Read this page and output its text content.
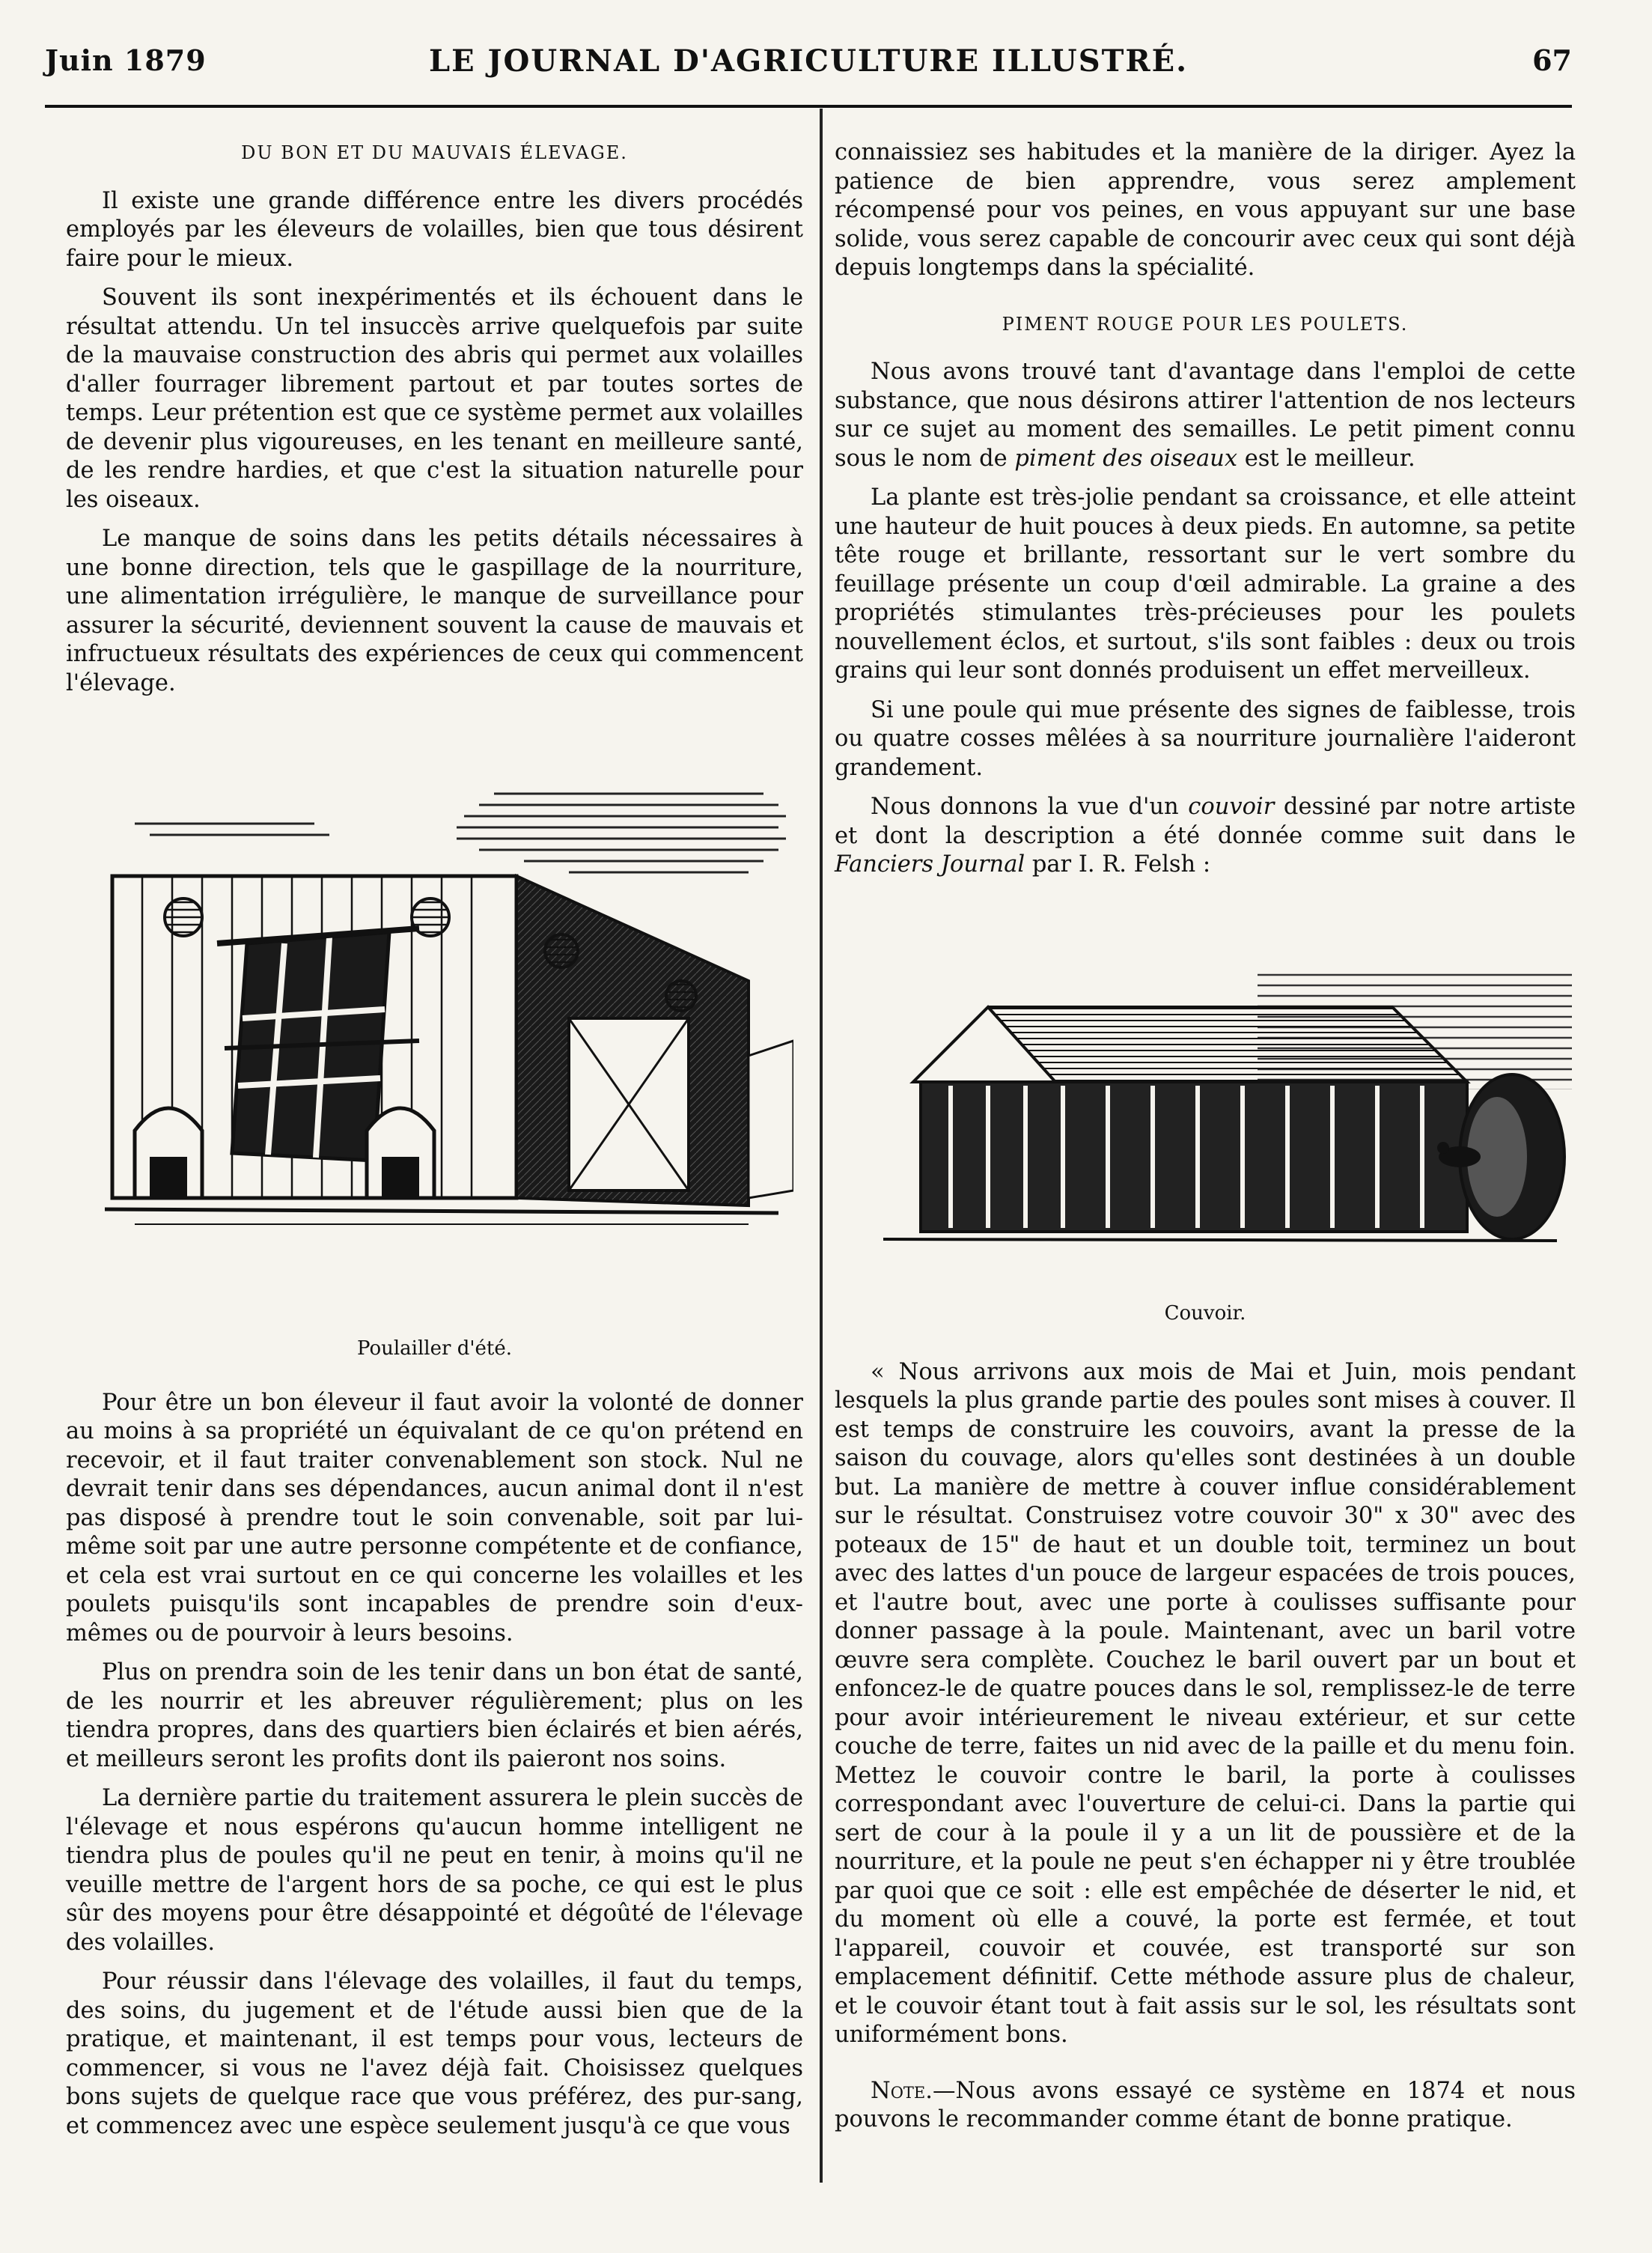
Juin 1879	LE JOURNAL D'AGRICULTURE ILLUSTRÉ.	67

DU BON ET DU MAUVAIS ÉLEVAGE.

Il existe une grande différence entre les divers procédés employés par les éleveurs de volailles, bien que tous désirent faire pour le mieux.

Souvent ils sont inexpérimentés et ils échouent dans le résultat attendu. Un tel insuccès arrive quelquefois par suite de la mauvaise construction des abris qui permet aux volailles d'aller fourrager librement partout et par toutes sortes de temps. Leur prétention est que ce système permet aux volailles de devenir plus vigoureuses, en les tenant en meilleure santé, de les rendre hardies, et que c'est la situation naturelle pour les oiseaux.

Le manque de soins dans les petits détails nécessaires à une bonne direction, tels que le gaspillage de la nourriture, une alimentation irrégulière, le manque de surveillance pour assurer la sécurité, deviennent souvent la cause de mauvais et infructueux résultats des expériences de ceux qui commencent l'élevage.

Poulailler d'été.

Pour être un bon éleveur il faut avoir la volonté de donner au moins à sa propriété un équivalant de ce qu'on prétend en recevoir, et il faut traiter convenablement son stock. Nul ne devrait tenir dans ses dépendances, aucun animal dont il n'est pas disposé à prendre tout le soin convenable, soit par lui-même soit par une autre personne compétente et de confiance, et cela est vrai surtout en ce qui concerne les volailles et les poulets puisqu'ils sont incapables de prendre soin d'eux-mêmes ou de pourvoir à leurs besoins.

Plus on prendra soin de les tenir dans un bon état de santé, de les nourrir et les abreuver régulièrement; plus on les tiendra propres, dans des quartiers bien éclairés et bien aérés, et meilleurs seront les profits dont ils paieront nos soins.

La dernière partie du traitement assurera le plein succès de l'élevage et nous espérons qu'aucun homme intelligent ne tiendra plus de poules qu'il ne peut en tenir, à moins qu'il ne veuille mettre de l'argent hors de sa poche, ce qui est le plus sûr des moyens pour être désappointé et dégoûté de l'élevage des volailles.

Pour réussir dans l'élevage des volailles, il faut du temps, des soins, du jugement et de l'étude aussi bien que de la pratique, et maintenant, il est temps pour vous, lecteurs de commencer, si vous ne l'avez déjà fait. Choisissez quelques bons sujets de quelque race que vous préférez, des pur-sang, et commencez avec une espèce seulement jusqu'à ce que vous

connaissiez ses habitudes et la manière de la diriger. Ayez la patience de bien apprendre, vous serez amplement récompensé pour vos peines, en vous appuyant sur une base solide, vous serez capable de concourir avec ceux qui sont déjà depuis longtemps dans la spécialité.

PIMENT ROUGE POUR LES POULETS.

Nous avons trouvé tant d'avantage dans l'emploi de cette substance, que nous désirons attirer l'attention de nos lecteurs sur ce sujet au moment des semailles. Le petit piment connu sous le nom de piment des oiseaux est le meilleur.

La plante est très-jolie pendant sa croissance, et elle atteint une hauteur de huit pouces à deux pieds. En automne, sa petite tête rouge et brillante, ressortant sur le vert sombre du feuillage présente un coup d'œil admirable. La graine a des propriétés stimulantes très-précieuses pour les poulets nouvellement éclos, et surtout, s'ils sont faibles : deux ou trois grains qui leur sont donnés produisent un effet merveilleux.

Si une poule qui mue présente des signes de faiblesse, trois ou quatre cosses mêlées à sa nourriture journalière l'aideront grandement.

Nous donnons la vue d'un couvoir dessiné par notre artiste et dont la description a été donnée comme suit dans le Fanciers Journal par I. R. Felsh :

Couvoir.

« Nous arrivons aux mois de Mai et Juin, mois pendant lesquels la plus grande partie des poules sont mises à couver. Il est temps de construire les couvoirs, avant la presse de la saison du couvage, alors qu'elles sont destinées à un double but. La manière de mettre à couver influe considérablement sur le résultat. Construisez votre couvoir 30" x 30" avec des poteaux de 15" de haut et un double toit, terminez un bout avec des lattes d'un pouce de largeur espacées de trois pouces, et l'autre bout, avec une porte à coulisses suffisante pour donner passage à la poule. Maintenant, avec un baril votre œuvre sera complète. Couchez le baril ouvert par un bout et enfoncez-le de quatre pouces dans le sol, remplissez-le de terre pour avoir intérieurement le niveau extérieur, et sur cette couche de terre, faites un nid avec de la paille et du menu foin. Mettez le couvoir contre le baril, la porte à coulisses correspondant avec l'ouverture de celui-ci. Dans la partie qui sert de cour à la poule il y a un lit de poussière et de la nourriture, et la poule ne peut s'en échapper ni y être troublée par quoi que ce soit : elle est empêchée de déserter le nid, et du moment où elle a couvé, la porte est fermée, et tout l'appareil, couvoir et couvée, est transporté sur son emplacement définitif. Cette méthode assure plus de chaleur, et le couvoir étant tout à fait assis sur le sol, les résultats sont uniformément bons.

Note.—Nous avons essayé ce système en 1874 et nous pouvons le recommander comme étant de bonne pratique.
